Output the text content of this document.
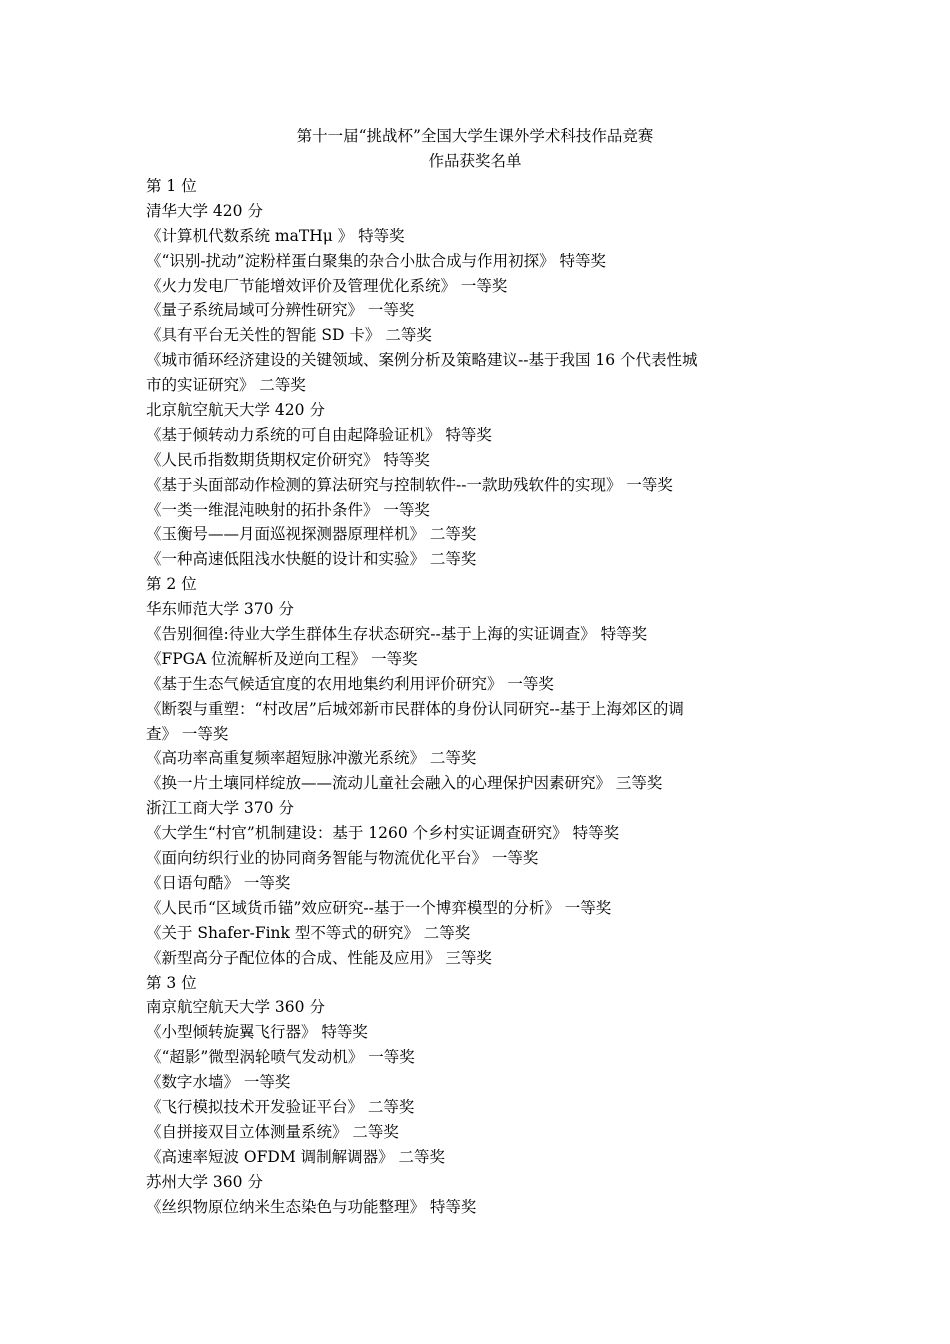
第十一届“挑战杯”全国大学生课外学术科技作品竞赛
作品获奖名单
第 1 位
清华大学 420 分
《计算机代数系统 maTHμ 》 特等奖
《“识别-扰动”淀粉样蛋白聚集的杂合小肽合成与作用初探》 特等奖
《火力发电厂节能增效评价及管理优化系统》 一等奖
《量子系统局域可分辨性研究》 一等奖
《具有平台无关性的智能 SD 卡》 二等奖
《城市循环经济建设的关键领域、案例分析及策略建议--基于我国 16 个代表性城
市的实证研究》 二等奖
北京航空航天大学 420 分
《基于倾转动力系统的可自由起降验证机》 特等奖
《人民币指数期货期权定价研究》 特等奖
《基于头面部动作检测的算法研究与控制软件--一款助残软件的实现》 一等奖
《一类一维混沌映射的拓扑条件》 一等奖
《玉衡号——月面巡视探测器原理样机》 二等奖
《一种高速低阻浅水快艇的设计和实验》 二等奖
第 2 位
华东师范大学 370 分
《告别徊徨:待业大学生群体生存状态研究--基于上海的实证调查》 特等奖
《FPGA 位流解析及逆向工程》 一等奖
《基于生态气候适宜度的农用地集约利用评价研究》 一等奖
《断裂与重塑：“村改居”后城郊新市民群体的身份认同研究--基于上海郊区的调
查》 一等奖
《高功率高重复频率超短脉冲激光系统》 二等奖
《换一片土壤同样绽放——流动儿童社会融入的心理保护因素研究》 三等奖
浙江工商大学 370 分
《大学生“村官”机制建设：基于 1260 个乡村实证调查研究》 特等奖
《面向纺织行业的协同商务智能与物流优化平台》 一等奖
《日语句酷》 一等奖
《人民币“区域货币锚”效应研究--基于一个博弈模型的分析》 一等奖
《关于 Shafer-Fink 型不等式的研究》 二等奖
《新型高分子配位体的合成、性能及应用》 三等奖
第 3 位
南京航空航天大学 360 分
《小型倾转旋翼飞行器》 特等奖
《“超影”微型涡轮喷气发动机》 一等奖
《数字水墙》 一等奖
《飞行模拟技术开发验证平台》 二等奖
《自拼接双目立体测量系统》 二等奖
《高速率短波 OFDM 调制解调器》 二等奖
苏州大学 360 分
《丝织物原位纳米生态染色与功能整理》 特等奖
